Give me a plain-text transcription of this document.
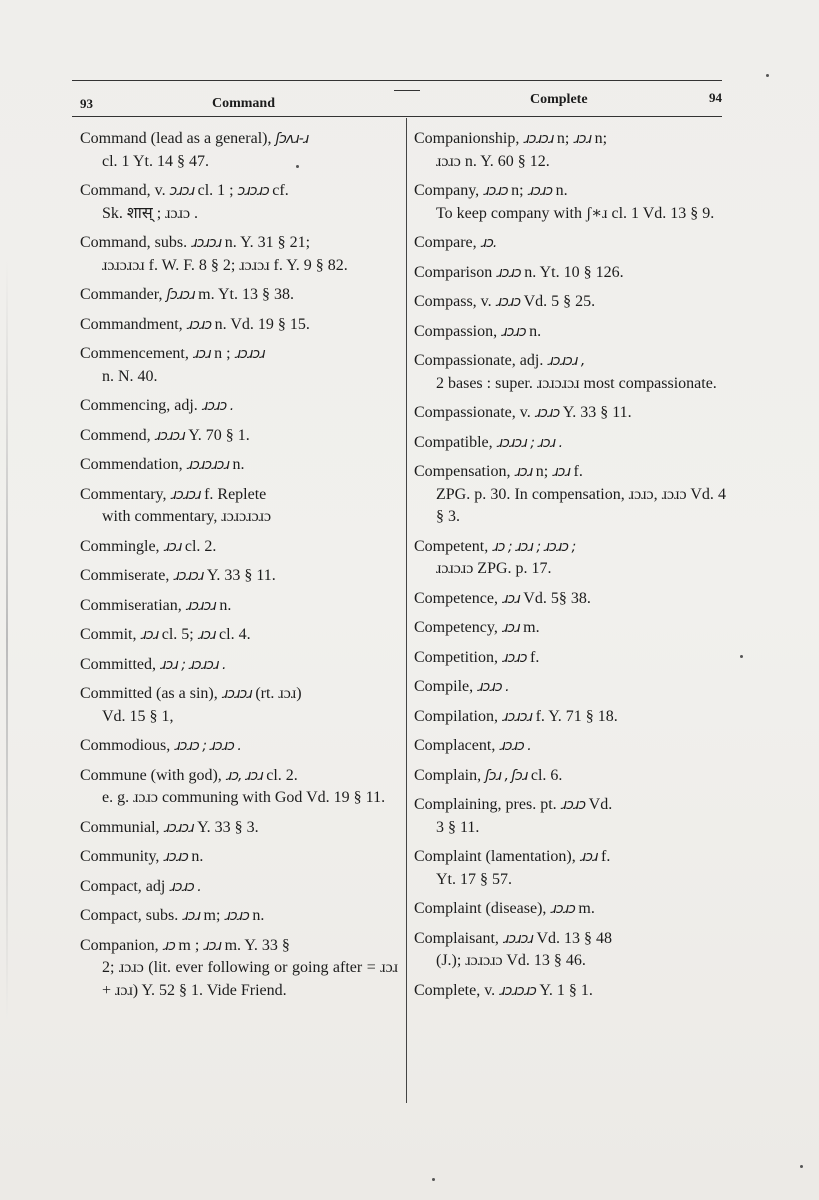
93	Command	Complete	94
Command (lead as a general), ʃɔʌɹ-ɹ
cl. 1 Yt. 14 § 47.
Command, v. ɔɹɔɹ cl. 1 ; ɔɹɔɹɔ cf.
Sk. शास् ; ɹɔɹɔ .
Command, subs. ɹɔɹɔɹ n. Y. 31 § 21;
ɹɔɹɔɹɔɹ f. W. F. 8 § 2; ɹɔɹɔɹ f. Y. 9 § 82.
Commander, ʃɔɹɔɹ m. Yt. 13 § 38.
Commandment, ɹɔɹɔ n. Vd. 19 § 15.
Commencement, ɹɔɹ n ; ɹɔɹɔɹ
n. N. 40.
Commencing, adj. ɹɔɹɔ .
Commend, ɹɔɹɔɹ Y. 70 § 1.
Commendation, ɹɔɹɔɹɔɹ n.
Commentary, ɹɔɹɔɹ f. Replete
with commentary, ɹɔɹɔɹɔɹɔ
Commingle, ɹɔɹ cl. 2.
Commiserate, ɹɔɹɔɹ Y. 33 § 11.
Commiseratian, ɹɔɹɔɹ n.
Commit, ɹɔɹ cl. 5; ɹɔɹ cl. 4.
Committed, ɹɔɹ ; ɹɔɹɔɹ .
Committed (as a sin), ɹɔɹɔɹ (rt. ɹɔɹ)
Vd. 15 § 1,
Commodious, ɹɔɹɔ ; ɹɔɹɔ .
Commune (with god), ɹɔ, ɹɔɹ cl. 2.
e. g. ɹɔɹɔ communing with God Vd. 19 § 11.
Communial, ɹɔɹɔɹ Y. 33 § 3.
Community, ɹɔɹɔ n.
Compact, adj ɹɔɹɔ .
Compact, subs. ɹɔɹ m; ɹɔɹɔ n.
Companion, ɹɔ m ; ɹɔɹ m. Y. 33 §
2; ɹɔɹɔ (lit. ever following or going after = ɹɔɹ + ɹɔɹ) Y. 52 § 1. Vide Friend.
Companionship, ɹɔɹɔɹ n; ɹɔɹ n;
ɹɔɹɔ n. Y. 60 § 12.
Company, ɹɔɹɔ n; ɹɔɹɔ n.
To keep company with ʃ∗ɹ cl. 1 Vd. 13 § 9.
Compare, ɹɔ.
Comparison ɹɔɹɔ n. Yt. 10 § 126.
Compass, v. ɹɔɹɔ Vd. 5 § 25.
Compassion, ɹɔɹɔ n.
Compassionate, adj. ɹɔɹɔɹ ,
2 bases : super. ɹɔɹɔɹɔɹ most compassionate.
Compassionate, v. ɹɔɹɔ Y. 33 § 11.
Compatible, ɹɔɹɔɹ ; ɹɔɹ .
Compensation, ɹɔɹ n; ɹɔɹ f.
ZPG. p. 30. In compensation, ɹɔɹɔ, ɹɔɹɔ Vd. 4 § 3.
Competent, ɹɔ ; ɹɔɹ ; ɹɔɹɔ ;
ɹɔɹɔɹɔ ZPG. p. 17.
Competence, ɹɔɹ Vd. 5§ 38.
Competency, ɹɔɹ m.
Competition, ɹɔɹɔ f.
Compile, ɹɔɹɔ .
Compilation, ɹɔɹɔɹ f. Y. 71 § 18.
Complacent, ɹɔɹɔ .
Complain, ʃɔɹ , ʃɔɹ cl. 6.
Complaining, pres. pt. ɹɔɹɔ Vd.
3 § 11.
Complaint (lamentation), ɹɔɹ f.
Yt. 17 § 57.
Complaint (disease), ɹɔɹɔ m.
Complaisant, ɹɔɹɔɹ Vd. 13 § 48
(J.); ɹɔɹɔɹɔ Vd. 13 § 46.
Complete, v. ɹɔɹɔɹɔ Y. 1 § 1.
